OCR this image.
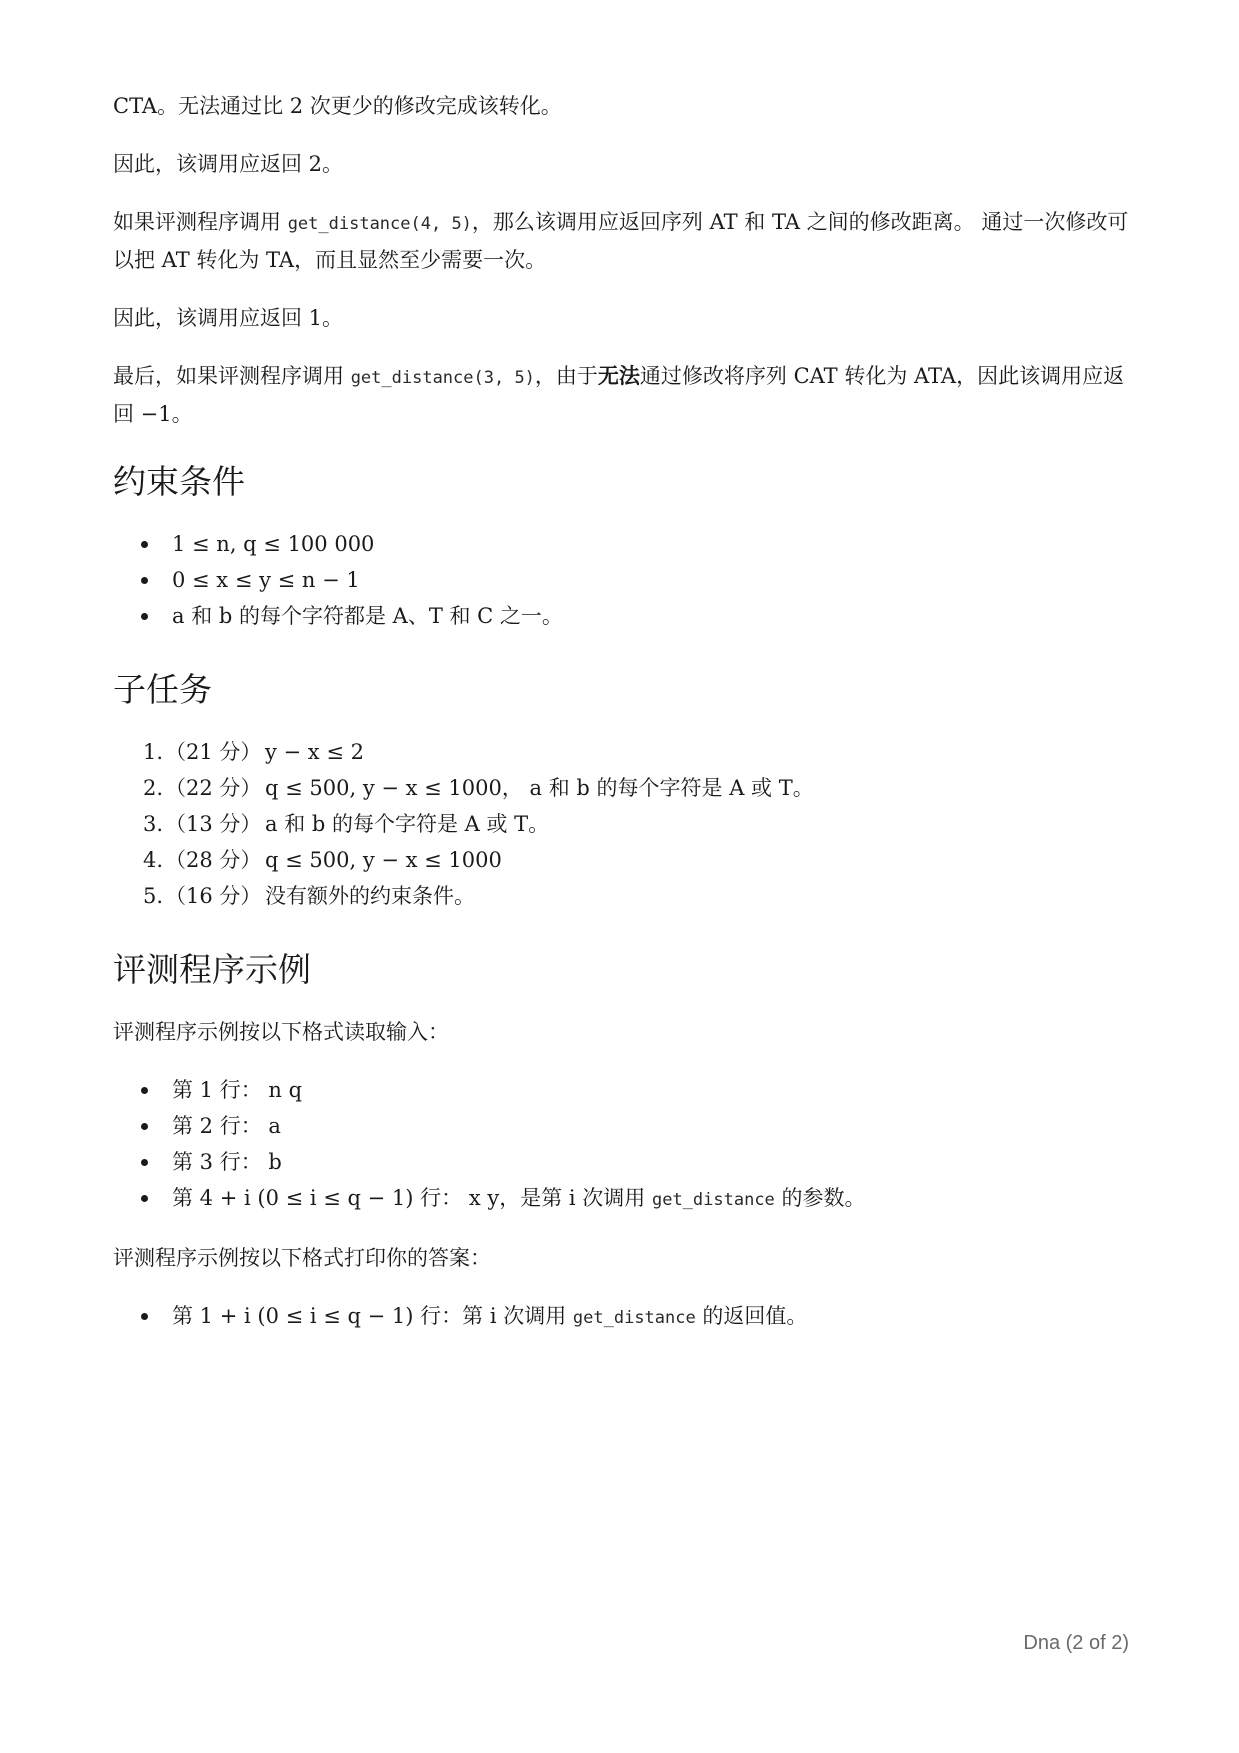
CTA。无法通过比 2 次更少的修改完成该转化。

因此，该调用应返回 2。

如果评测程序调用 get_distance(4, 5)，那么该调用应返回序列 AT 和 TA 之间的修改距离。 通过一次修改可以把 AT 转化为 TA，而且显然至少需要一次。

因此，该调用应返回 1。

最后，如果评测程序调用 get_distance(3, 5)，由于无法通过修改将序列 CAT 转化为 ATA，因此该调用应返回 −1。

约束条件
1 ≤ n, q ≤ 100 000
0 ≤ x ≤ y ≤ n − 1
a 和 b 的每个字符都是 A、T 和 C 之一。
子任务
1. （21 分） y − x ≤ 2
2. （22 分） q ≤ 500, y − x ≤ 1000， a 和 b 的每个字符是 A 或 T。
3. （13 分） a 和 b 的每个字符是 A 或 T。
4. （28 分） q ≤ 500, y − x ≤ 1000
5. （16 分） 没有额外的约束条件。
评测程序示例

评测程序示例按以下格式读取输入：

第 1 行： n q
第 2 行： a
第 3 行： b
第 4 + i (0 ≤ i ≤ q − 1) 行： x y，是第 i 次调用 get_distance 的参数。

评测程序示例按以下格式打印你的答案：

第 1 + i (0 ≤ i ≤ q − 1) 行：第 i 次调用 get_distance 的返回值。
Dna (2 of 2)
